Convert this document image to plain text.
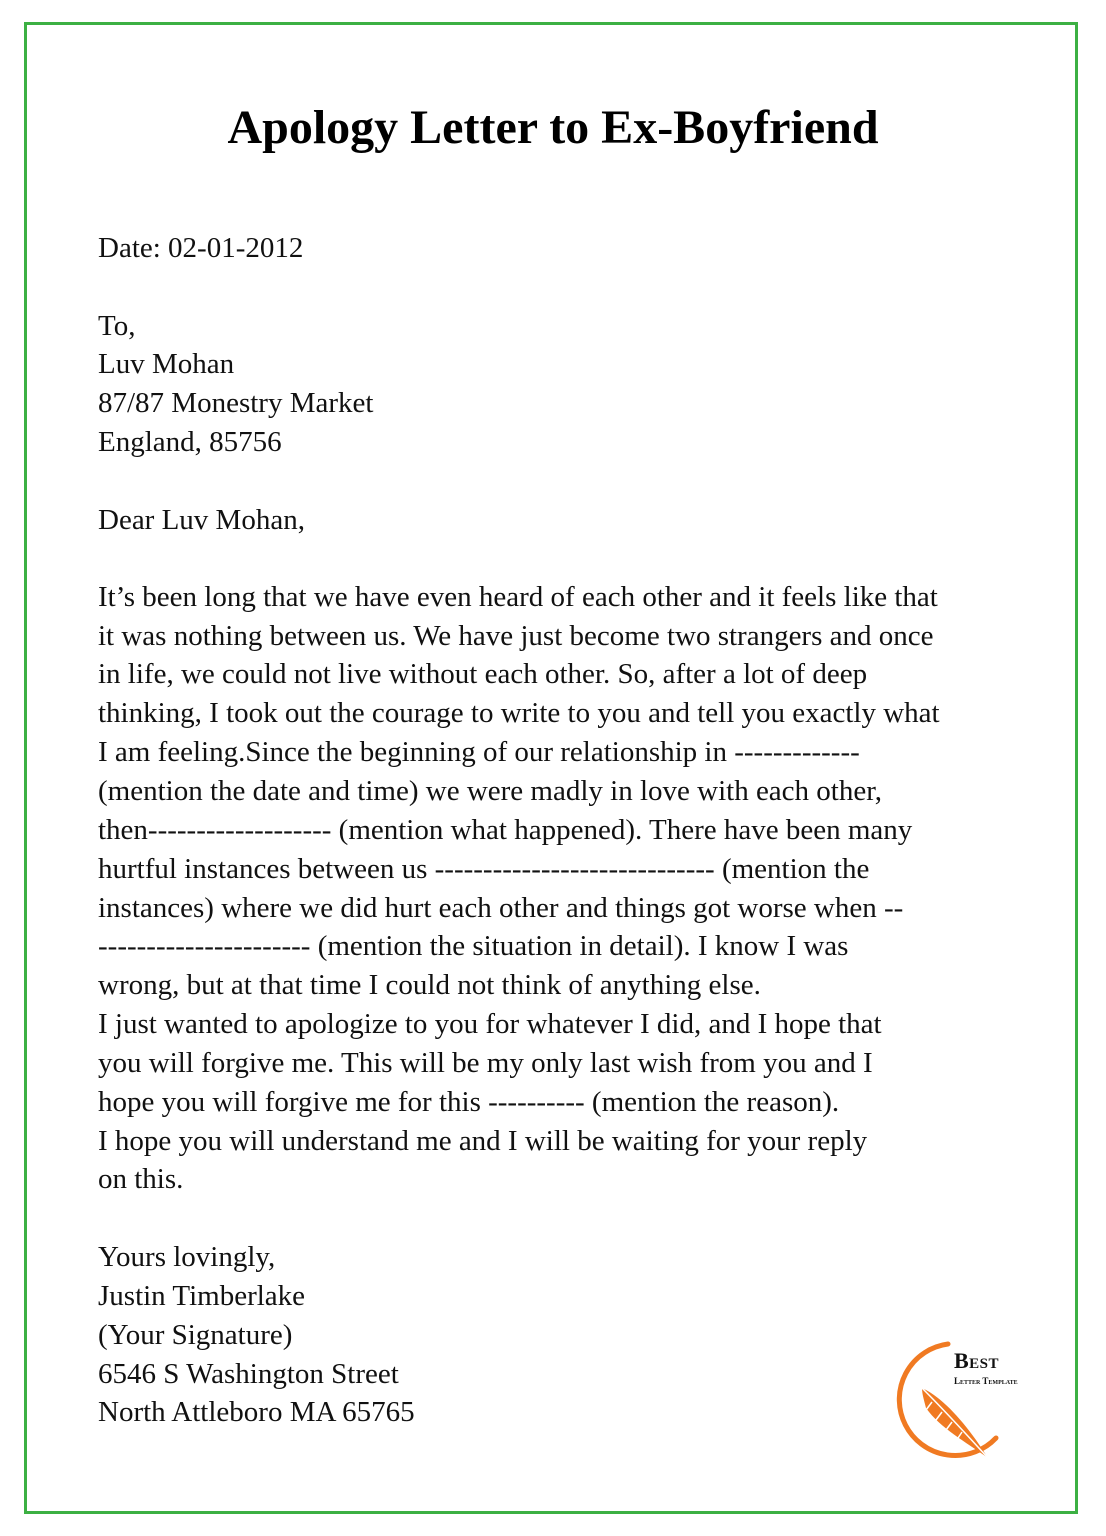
Apology Letter to Ex-Boyfriend
Date: 02-01-2012
To,
Luv Mohan
87/87 Monestry Market
England, 85756
Dear Luv Mohan,
It’s been long that we have even heard of each other and it feels like that
it was nothing between us. We have just become two strangers and once
in life, we could not live without each other. So, after a lot of deep
thinking, I took out the courage to write to you and tell you exactly what
I am feeling.Since the beginning of our relationship in -------------
(mention the date and time) we were madly in love with each other,
then------------------- (mention what happened). There have been many
hurtful instances between us ----------------------------- (mention the
instances) where we did hurt each other and things got worse when --
---------------------- (mention the situation in detail). I know I was
wrong, but at that time I could not think of anything else.
I just wanted to apologize to you for whatever I did, and I hope that
you will forgive me. This will be my only last wish from you and I
hope you will forgive me for this ---------- (mention the reason).
I hope you will understand me and I will be waiting for your reply
on this.
Yours lovingly,
Justin Timberlake
(Your Signature)
6546 S Washington Street
North Attleboro MA 65765
Best
Letter Template
